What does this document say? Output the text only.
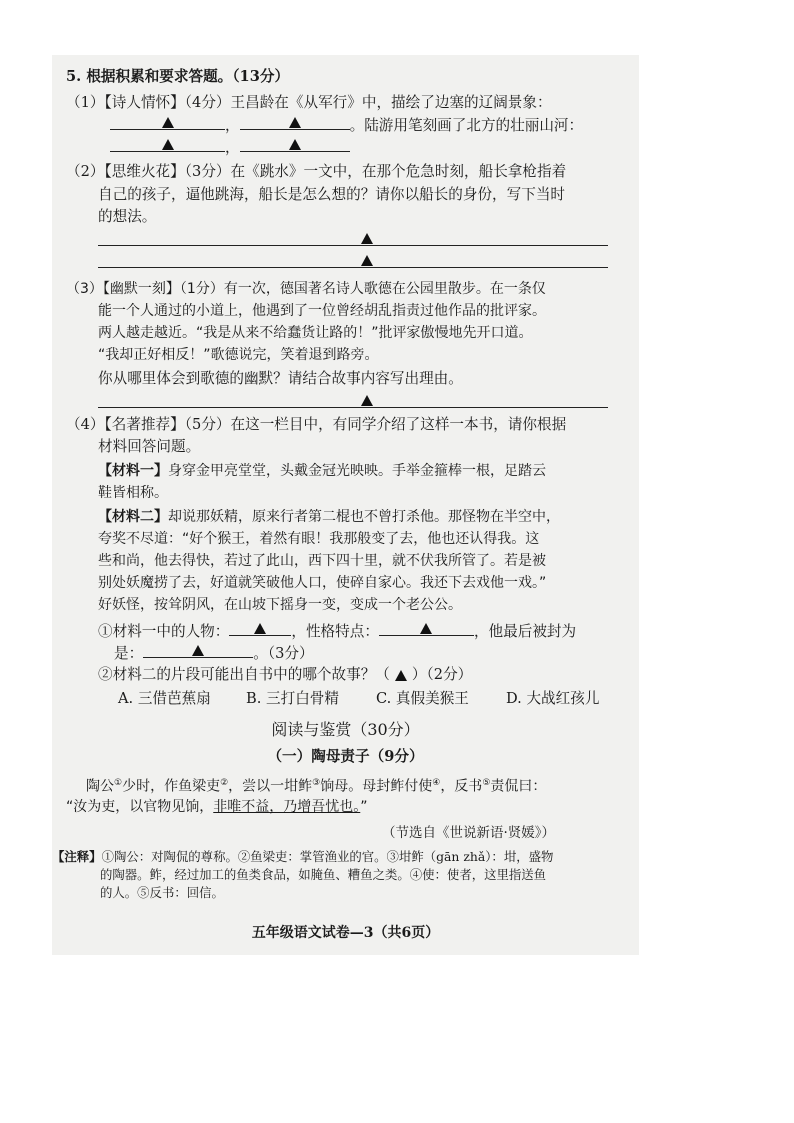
5. 根据积累和要求答题。（13分）
（1）【诗人情怀】（4分）王昌龄在《从军行》中，描绘了边塞的辽阔景象：
，	。陆游用笔刻画了北方的壮丽山河：
，
（2）【思维火花】（3分）在《跳水》一文中，在那个危急时刻，船长拿枪指着
自己的孩子，逼他跳海，船长是怎么想的？请你以船长的身份，写下当时
的想法。
（3）【幽默一刻】（1分）有一次，德国著名诗人歌德在公园里散步。在一条仅
能一个人通过的小道上，他遇到了一位曾经胡乱指责过他作品的批评家。
两人越走越近。“我是从来不给蠢货让路的！”批评家傲慢地先开口道。
“我却正好相反！”歌德说完，笑着退到路旁。
你从哪里体会到歌德的幽默？请结合故事内容写出理由。
（4）【名著推荐】（5分）在这一栏目中，有同学介绍了这样一本书，请你根据
材料回答问题。
【材料一】身穿金甲亮堂堂，头戴金冠光映映。手举金箍棒一根，足踏云
鞋皆相称。
【材料二】却说那妖精，原来行者第二棍也不曾打杀他。那怪物在半空中，
夸奖不尽道：“好个猴王，着然有眼！我那般变了去，他也还认得我。这
些和尚，他去得快，若过了此山，西下四十里，就不伏我所管了。若是被
别处妖魔捞了去，好道就笑破他人口，使碎自家心。我还下去戏他一戏。”
好妖怪，按耸阴风，在山坡下摇身一变，变成一个老公公。
①材料一中的人物：	，性格特点：	，他最后被封为
是：	。（3分）
②材料二的片段可能出自书中的哪个故事？（ ）（2分）
A. 三借芭蕉扇 B. 三打白骨精	C. 真假美猴王	D. 大战红孩儿
阅读与鉴赏（30分）
（一）陶母责子（9分）
陶公①少时，作鱼梁吏②，尝以一坩鲊③饷母。母封鲊付使④，反书⑤责侃曰：
“汝为吏，以官物见饷，非唯不益，乃增吾忧也。”
（节选自《世说新语·贤媛》）
【注释】①陶公：对陶侃的尊称。②鱼梁吏：掌管渔业的官。③坩鲊（gān zhǎ）：坩，盛物
的陶器。鲊，经过加工的鱼类食品，如腌鱼、糟鱼之类。④使：使者，这里指送鱼
的人。⑤反书：回信。
五年级语文试卷—3（共6页）
